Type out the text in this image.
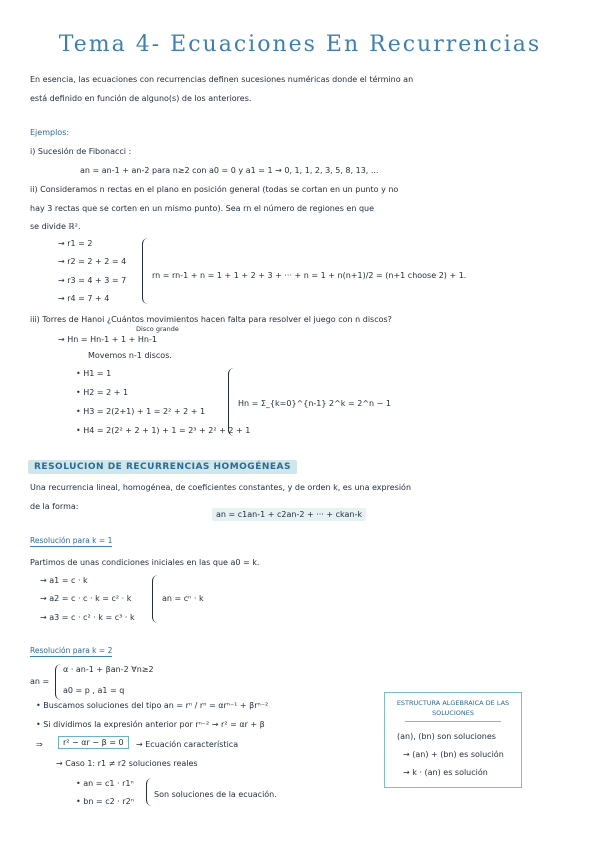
Tema 4- Ecuaciones En Recurrencias
En esencia, las ecuaciones con recurrencias definen sucesiones numéricas donde el término an
está definido en función de alguno(s) de los anteriores.
Ejemplos:
i) Sucesión de Fibonacci :
an = an-1 + an-2 para n≥2 con a0 = 0 y a1 = 1 → 0, 1, 1, 2, 3, 5, 8, 13, ...
ii) Consideramos n rectas en el plano en posición general (todas se cortan en un punto y no
hay 3 rectas que se corten en un mismo punto). Sea rn el número de regiones en que
se divide ℝ².
→ r1 = 2
→ r2 = 2 + 2 = 4
→ r3 = 4 + 3 = 7
→ r4 = 7 + 4
rn = rn-1 + n = 1 + 1 + 2 + 3 + ··· + n = 1 + n(n+1)/2 = (n+1 choose 2) + 1.
iii) Torres de Hanoi ¿Cuántos movimientos hacen falta para resolver el juego con n discos?
Disco grande
→ Hn = Hn-1 + 1 + Hn-1
Movemos n-1 discos.
• H1 = 1
• H2 = 2 + 1
• H3 = 2(2+1) + 1 = 2² + 2 + 1
• H4 = 2(2² + 2 + 1) + 1 = 2³ + 2² + 2 + 1
Hn = Σ_{k=0}^{n-1} 2^k = 2^n − 1
RESOLUCION DE RECURRENCIAS HOMOGÉNEAS
Una recurrencia lineal, homogénea, de coeficientes constantes, y de orden k, es una expresión
de la forma:
an = c1an-1 + c2an-2 + ··· + ckan-k
Resolución para k = 1
Partimos de unas condiciones iniciales en las que a0 = k.
→ a1 = c · k
→ a2 = c · c · k = c² · k
→ a3 = c · c² · k = c³ · k
an = cⁿ · k
Resolución para k = 2
an =
α · an-1 + βan-2 ∀n≥2
a0 = p , a1 = q
• Buscamos soluciones del tipo an = rⁿ / rⁿ = αrⁿ⁻¹ + βrⁿ⁻²
• Si dividimos la expresión anterior por rⁿ⁻² → r² = αr + β
⇒	r² − αr − β = 0	→ Ecuación característica
→ Caso 1: r1 ≠ r2 soluciones reales
• an = c1 · r1ⁿ
• bn = c2 · r2ⁿ
Son soluciones de la ecuación.
ESTRUCTURA ALGEBRAICA DE LAS SOLUCIONES
(an), (bn) son soluciones
→ (an) + (bn) es solución
→ k · (an) es solución
